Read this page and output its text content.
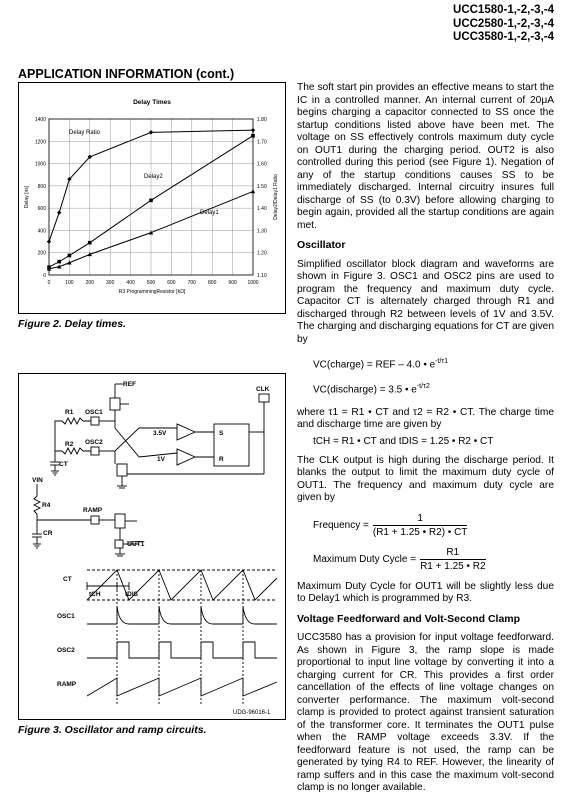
UCC1580-1,-2,-3,-4
UCC2580-1,-2,-3,-4
UCC3580-1,-2,-3,-4
APPLICATION INFORMATION (cont.)
Delay Times
0	100 200 300 400 500 600 700 800 900 1000
0
200
400
600
800
1000
1200
1400
1.10
1.20
1.30
1.40
1.50
1.60
1.70
1.80
R3 ProgrammingResistor [kΩ]
Delay [ns]	Delay2/Delay1 Ratio
Delay Ratio
Delay2
Delay1
Figure 2. Delay times.
REF
CLK
R1 OSC1
R2 OSC2
CT
3.5V
1V
S
R
VIN
R4
RAMP
CR
OUT1
CT
tCH	tDIS
OSC1
OSC2
RAMP
UDG-96016-1
Figure 3. Oscillator and ramp circuits.

The soft start pin provides an effective means to start the IC in a controlled manner. An internal current of 20μA begins charging a capacitor connected to SS once the startup conditions listed above have been met. The voltage on SS effectively controls maximum duty cycle on OUT1 during the charging period. OUT2 is also controlled during this period (see Figure 1). Negation of any of the startup conditions causes SS to be immediately discharged. Internal circuitry insures full discharge of SS (to 0.3V) before allowing charging to begin again, provided all the startup conditions are again met.

Oscillator

Simplified oscillator block diagram and waveforms are shown in Figure 3. OSC1 and OSC2 pins are used to program the frequency and maximum duty cycle. Capacitor CT is alternately charged through R1 and discharged through R2 between levels of 1V and 3.5V. The charging and discharging equations for CT are given by

VC(charge) = REF – 4.0 • $e^{-t/\tau 1}$
VC(discharge) = 3.5 • $e^{-t/\tau 2}$

where τ1 = R1 • CT and τ2 = R2 • CT. The charge time and discharge time are given by

tCH = R1 • CT and tDIS = 1.25 • R2 • CT

The CLK output is high during the discharge period. It blanks the output to limit the maximum duty cycle of OUT1. The frequency and maximum duty cycle are given by

Frequency = $\frac{1}{(R1 + 1.25 • R2) • CT}$
Maximum Duty Cycle = $\frac{R1}{R1 + 1.25 • R2}$

Maximum Duty Cycle for OUT1 will be slightly less due to Delay1 which is programmed by R3.

Voltage Feedforward and Volt-Second Clamp

UCC3580 has a provision for input voltage feedforward. As shown in Figure 3, the ramp slope is made proportional to input line voltage by converting it into a charging current for CR. This provides a first order cancellation of the effects of line voltage changes on converter performance. The maximum volt-second clamp is provided to protect against transient saturation of the transformer core. It terminates the OUT1 pulse when the RAMP voltage exceeds 3.3V. If the feedforward feature is not used, the ramp can be generated by tying R4 to REF. However, the linearity of ramp suffers and in this case the maximum volt-second clamp is no longer available.
